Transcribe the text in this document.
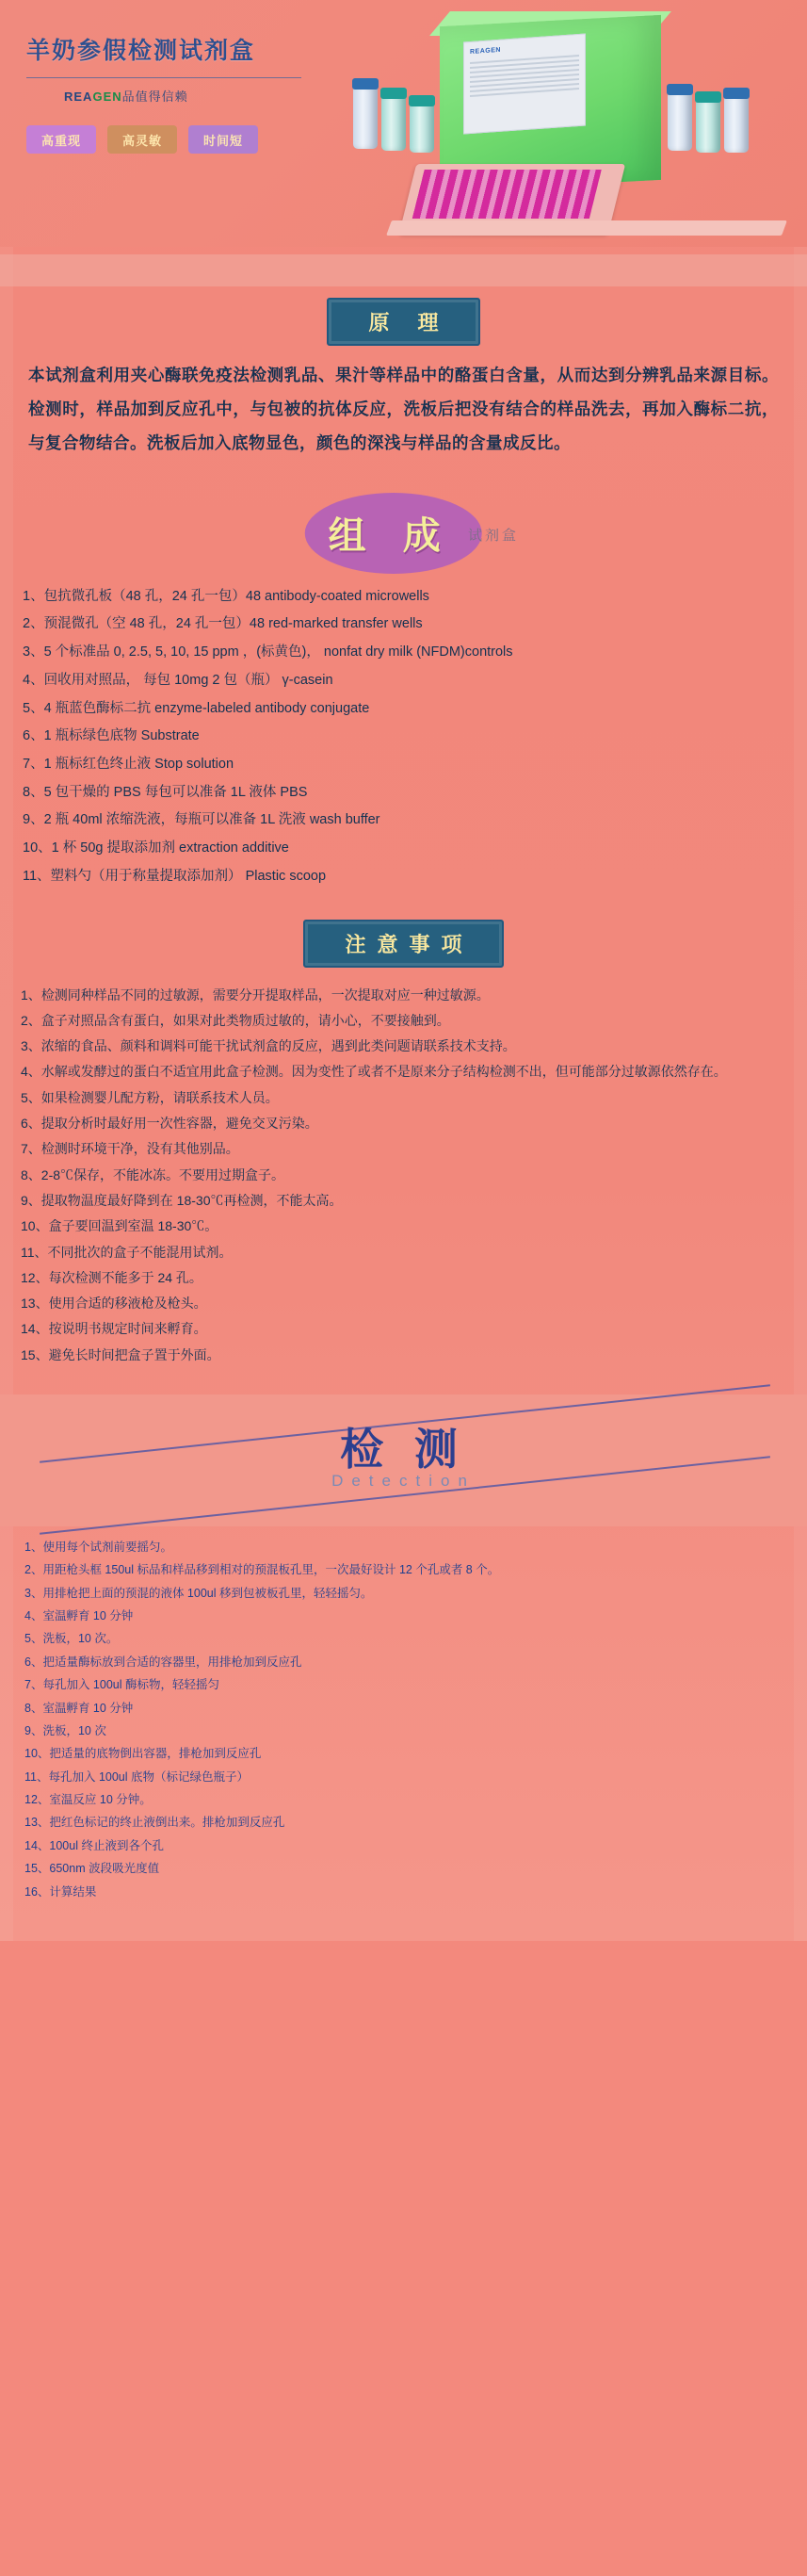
REAGEN
羊奶参假检测试剂盒
REAGEN品值得信赖
高重现	高灵敏	时间短
原 理
本试剂盒利用夹心酶联免疫法检测乳品、果汁等样品中的酪蛋白含量，从而达到分辨乳品来源目标。检测时，样品加到反应孔中，与包被的抗体反应，洗板后把没有结合的样品洗去，再加入酶标二抗，与复合物结合。洗板后加入底物显色，颜色的深浅与样品的含量成反比。
组 成 试剂盒
1、包抗微孔板（48 孔，24 孔一包）48 antibody-coated microwells
2、预混微孔（空 48 孔，24 孔一包）48 red-marked transfer wells
3、5 个标准品 0, 2.5, 5, 10, 15 ppm ，(标黄色)， nonfat dry milk (NFDM)controls
4、回收用对照品， 每包 10mg 2 包（瓶） γ-casein
5、4 瓶蓝色酶标二抗 enzyme-labeled antibody conjugate
6、1 瓶标绿色底物 Substrate
7、1 瓶标红色终止液 Stop solution
8、5 包干燥的 PBS 每包可以准备 1L 液体 PBS
9、2 瓶 40ml 浓缩洗液，每瓶可以准备 1L 洗液 wash buffer
10、1 杯 50g 提取添加剂 extraction additive
11、塑料勺（用于称量提取添加剂） Plastic scoop
注意事项
1、检测同种样品不同的过敏源，需要分开提取样品，一次提取对应一种过敏源。
2、盒子对照品含有蛋白，如果对此类物质过敏的，请小心，不要接触到。
3、浓缩的食品、颜料和调料可能干扰试剂盒的反应，遇到此类问题请联系技术支持。
4、水解或发酵过的蛋白不适宜用此盒子检测。因为变性了或者不是原来分子结构检测不出，但可能部分过敏源依然存在。
5、如果检测婴儿配方粉，请联系技术人员。
6、提取分析时最好用一次性容器，避免交叉污染。
7、检测时环境干净，没有其他别品。
8、2-8℃保存，不能冰冻。不要用过期盒子。
9、提取物温度最好降到在 18-30℃再检测，不能太高。
10、盒子要回温到室温 18-30℃。
11、不同批次的盒子不能混用试剂。
12、每次检测不能多于 24 孔。
13、使用合适的移液枪及枪头。
14、按说明书规定时间来孵育。
15、避免长时间把盒子置于外面。
检 测
Detection
1、使用每个试剂前要摇匀。
2、用距枪头框 150ul 标品和样品移到相对的预混板孔里，一次最好设计 12 个孔或者 8 个。
3、用排枪把上面的预混的液体 100ul 移到包被板孔里，轻轻摇匀。
4、室温孵育 10 分钟
5、洗板，10 次。
6、把适量酶标放到合适的容器里，用排枪加到反应孔
7、每孔加入 100ul 酶标物，轻轻摇匀
8、室温孵育 10 分钟
9、洗板，10 次
10、把适量的底物倒出容器，排枪加到反应孔
11、每孔加入 100ul 底物（标记绿色瓶子）
12、室温反应 10 分钟。
13、把红色标记的终止液倒出来。排枪加到反应孔
14、100ul 终止液到各个孔
15、650nm 波段吸光度值
16、计算结果
